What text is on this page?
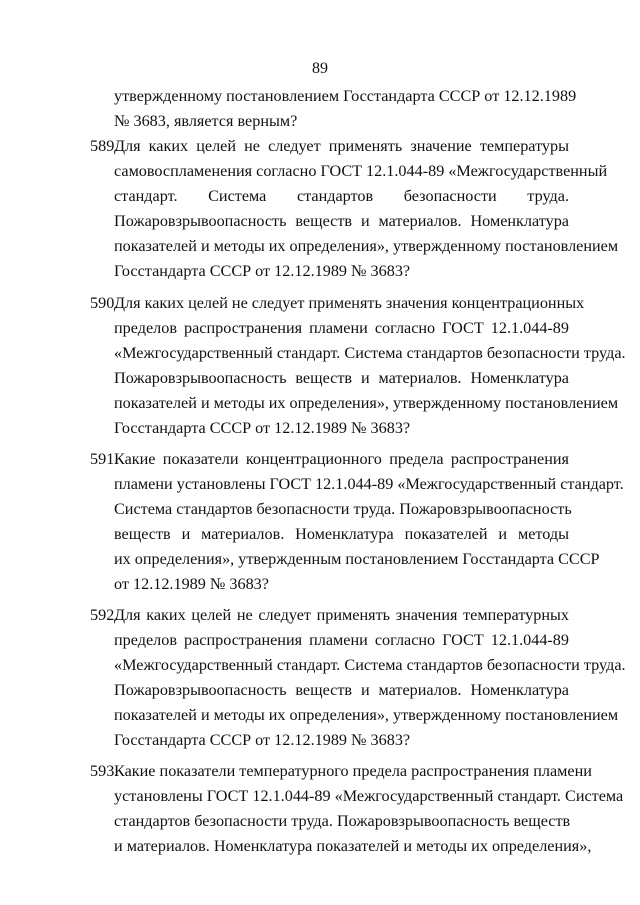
89
утвержденному постановлением Госстандарта СССР от 12.12.1989
№ 3683, является верным?
589.
Для каких целей не следует применять значение температуры
самовоспламенения согласно ГОСТ 12.1.044-89 «Межгосударственный
стандарт. Система стандартов безопасности труда.
Пожаровзрывоопасность веществ и материалов. Номенклатура
показателей и методы их определения», утвержденному постановлением
Госстандарта СССР от 12.12.1989 № 3683?
590.
Для каких целей не следует применять значения концентрационных
пределов распространения пламени согласно ГОСТ 12.1.044-89
«Межгосударственный стандарт. Система стандартов безопасности труда.
Пожаровзрывоопасность веществ и материалов. Номенклатура
показателей и методы их определения», утвержденному постановлением
Госстандарта СССР от 12.12.1989 № 3683?
591.
Какие показатели концентрационного предела распространения
пламени установлены ГОСТ 12.1.044-89 «Межгосударственный стандарт.
Система стандартов безопасности труда. Пожаровзрывоопасность
веществ и материалов. Номенклатура показателей и методы
их определения», утвержденным постановлением Госстандарта СССР
от 12.12.1989 № 3683?
592.
Для каких целей не следует применять значения температурных
пределов распространения пламени согласно ГОСТ 12.1.044-89
«Межгосударственный стандарт. Система стандартов безопасности труда.
Пожаровзрывоопасность веществ и материалов. Номенклатура
показателей и методы их определения», утвержденному постановлением
Госстандарта СССР от 12.12.1989 № 3683?
593.
Какие показатели температурного предела распространения пламени
установлены ГОСТ 12.1.044-89 «Межгосударственный стандарт. Система
стандартов безопасности труда. Пожаровзрывоопасность веществ
и материалов. Номенклатура показателей и методы их определения»,
